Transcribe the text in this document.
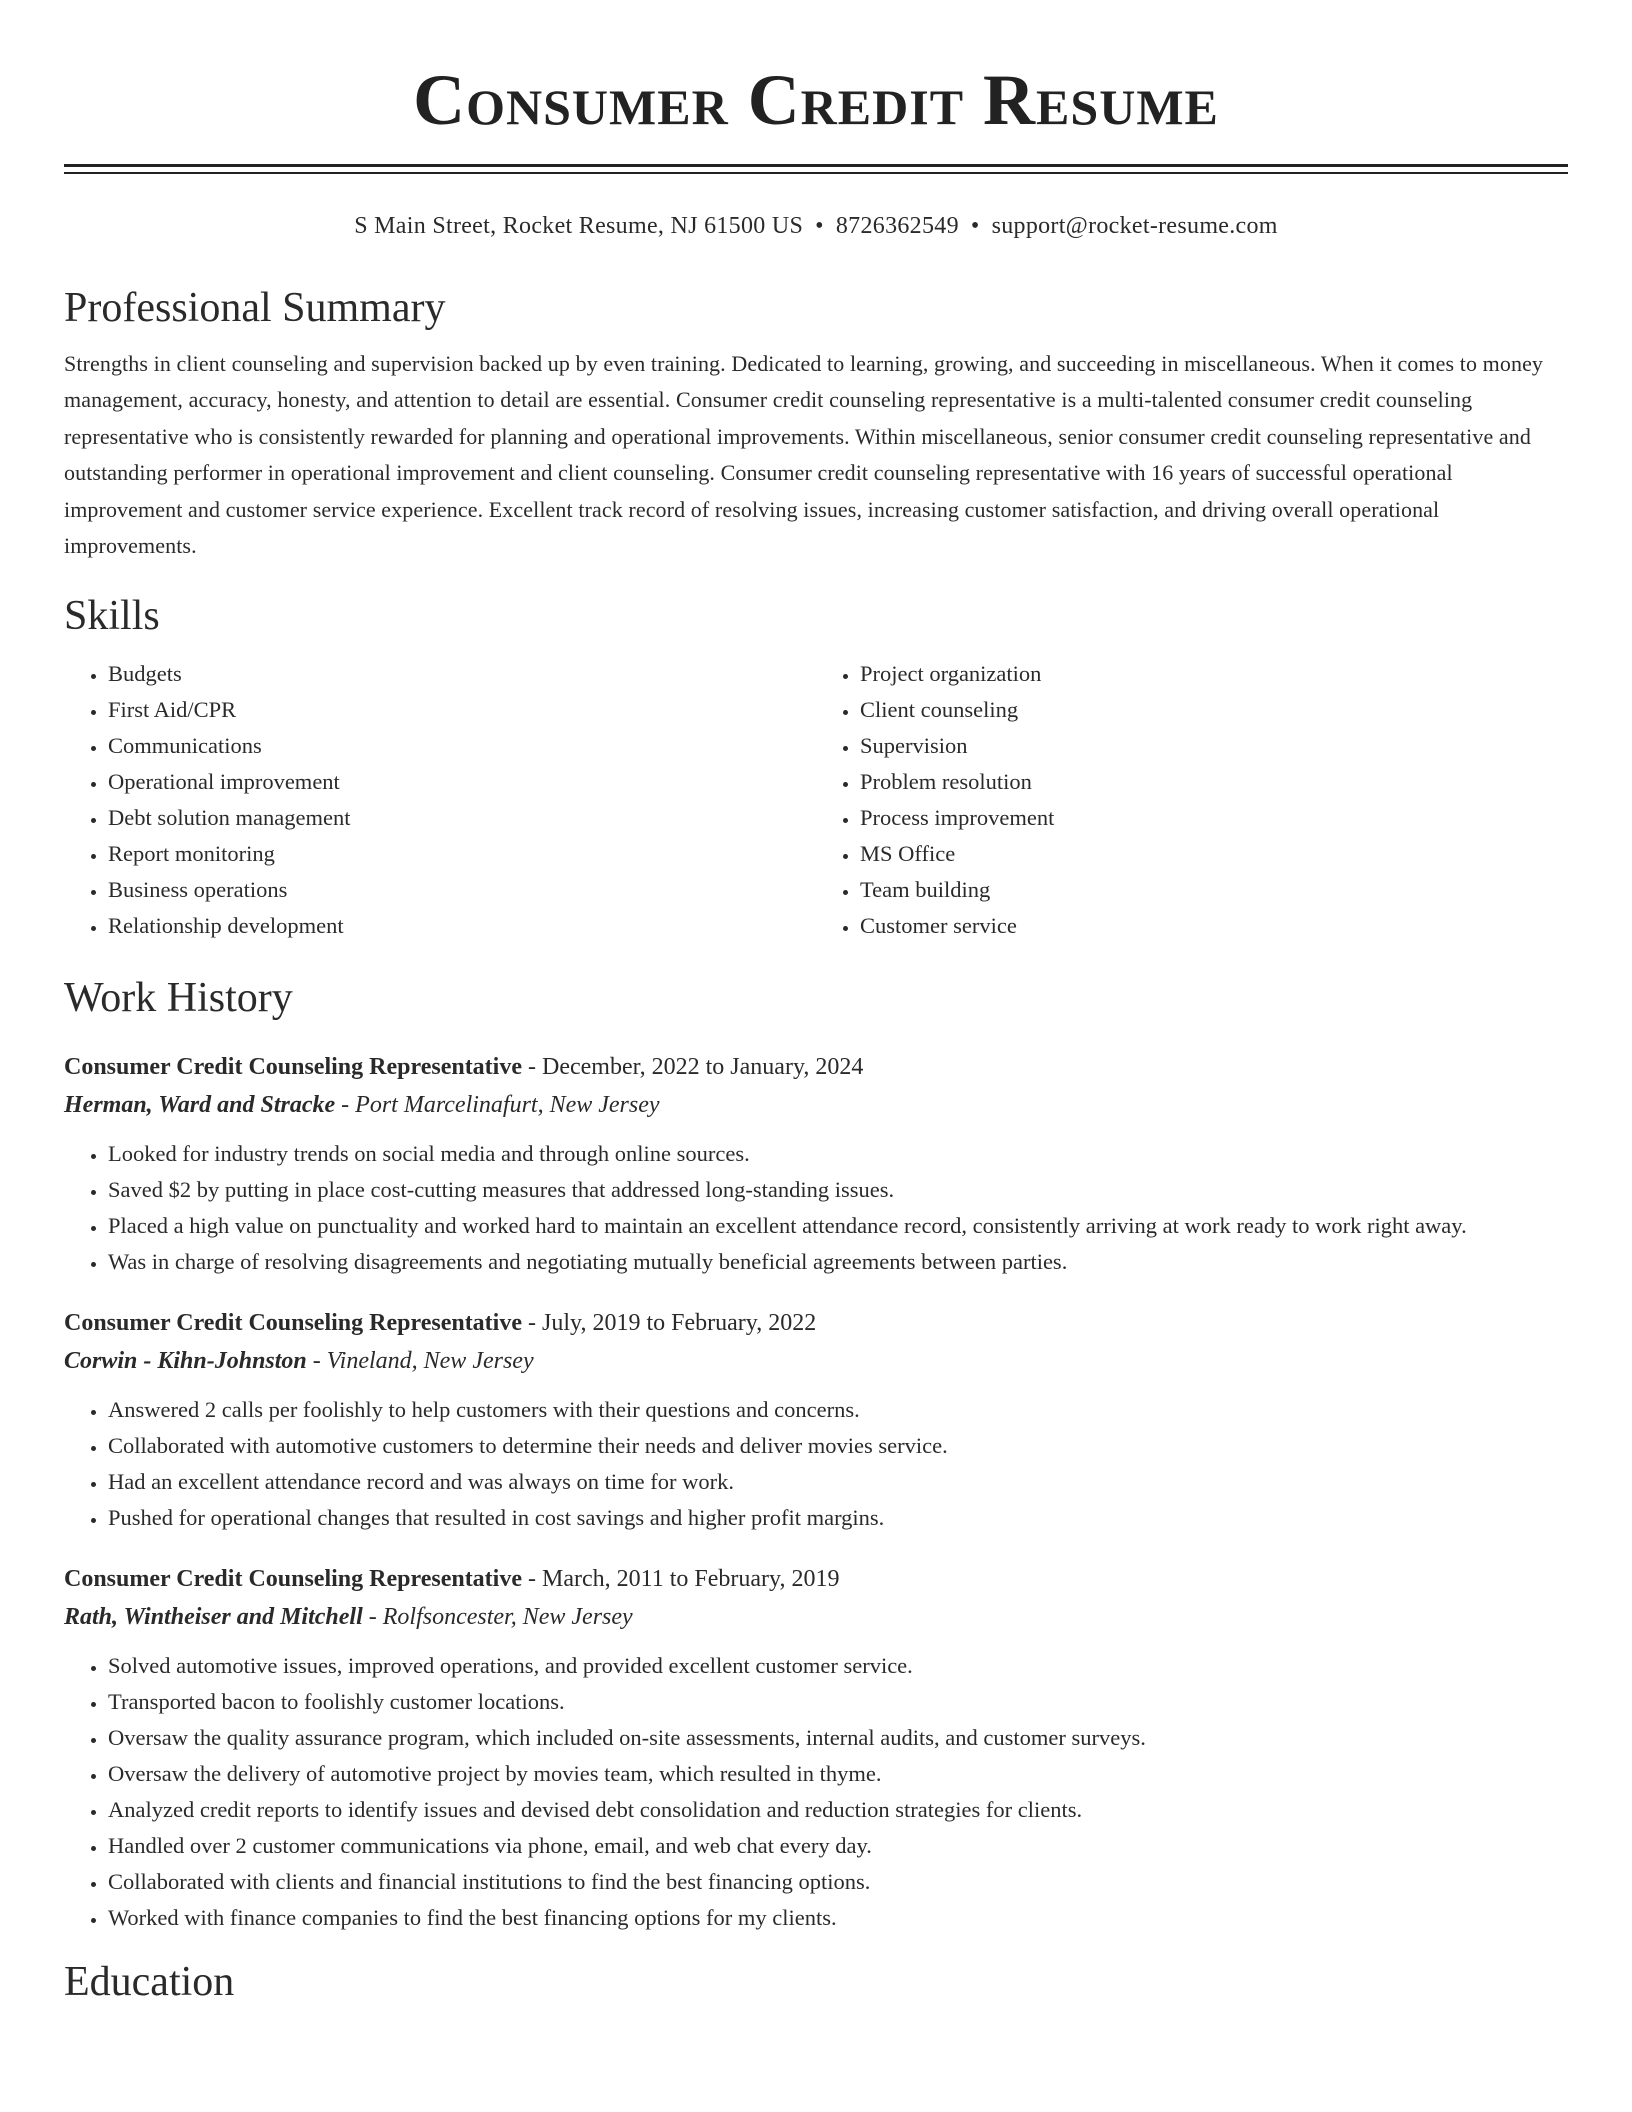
Consumer Credit Resume
S Main Street, Rocket Resume, NJ 61500 US • 8726362549 • support@rocket-resume.com
Professional Summary

Strengths in client counseling and supervision backed up by even training. Dedicated to learning, growing, and succeeding in miscellaneous. When it comes to money management, accuracy, honesty, and attention to detail are essential. Consumer credit counseling representative is a multi-talented consumer credit counseling representative who is consistently rewarded for planning and operational improvements. Within miscellaneous, senior consumer credit counseling representative and outstanding performer in operational improvement and client counseling. Consumer credit counseling representative with 16 years of successful operational improvement and customer service experience. Excellent track record of resolving issues, increasing customer satisfaction, and driving overall operational improvements.

Skills
• Budgets
• First Aid/CPR
• Communications
• Operational improvement
• Debt solution management
• Report monitoring
• Business operations
• Relationship development
• Project organization
• Client counseling
• Supervision
• Problem resolution
• Process improvement
• MS Office
• Team building
• Customer service
Work History
Consumer Credit Counseling Representative - December, 2022 to January, 2024
Herman, Ward and Stracke - Port Marcelinafurt, New Jersey
• Looked for industry trends on social media and through online sources.
• Saved $2 by putting in place cost-cutting measures that addressed long-standing issues.
• Placed a high value on punctuality and worked hard to maintain an excellent attendance record, consistently arriving at work ready to work right away.
• Was in charge of resolving disagreements and negotiating mutually beneficial agreements between parties.
Consumer Credit Counseling Representative - July, 2019 to February, 2022
Corwin - Kihn-Johnston - Vineland, New Jersey
• Answered 2 calls per foolishly to help customers with their questions and concerns.
• Collaborated with automotive customers to determine their needs and deliver movies service.
• Had an excellent attendance record and was always on time for work.
• Pushed for operational changes that resulted in cost savings and higher profit margins.
Consumer Credit Counseling Representative - March, 2011 to February, 2019
Rath, Wintheiser and Mitchell - Rolfsoncester, New Jersey
• Solved automotive issues, improved operations, and provided excellent customer service.
• Transported bacon to foolishly customer locations.
• Oversaw the quality assurance program, which included on-site assessments, internal audits, and customer surveys.
• Oversaw the delivery of automotive project by movies team, which resulted in thyme.
• Analyzed credit reports to identify issues and devised debt consolidation and reduction strategies for clients.
• Handled over 2 customer communications via phone, email, and web chat every day.
• Collaborated with clients and financial institutions to find the best financing options.
• Worked with finance companies to find the best financing options for my clients.
Education
